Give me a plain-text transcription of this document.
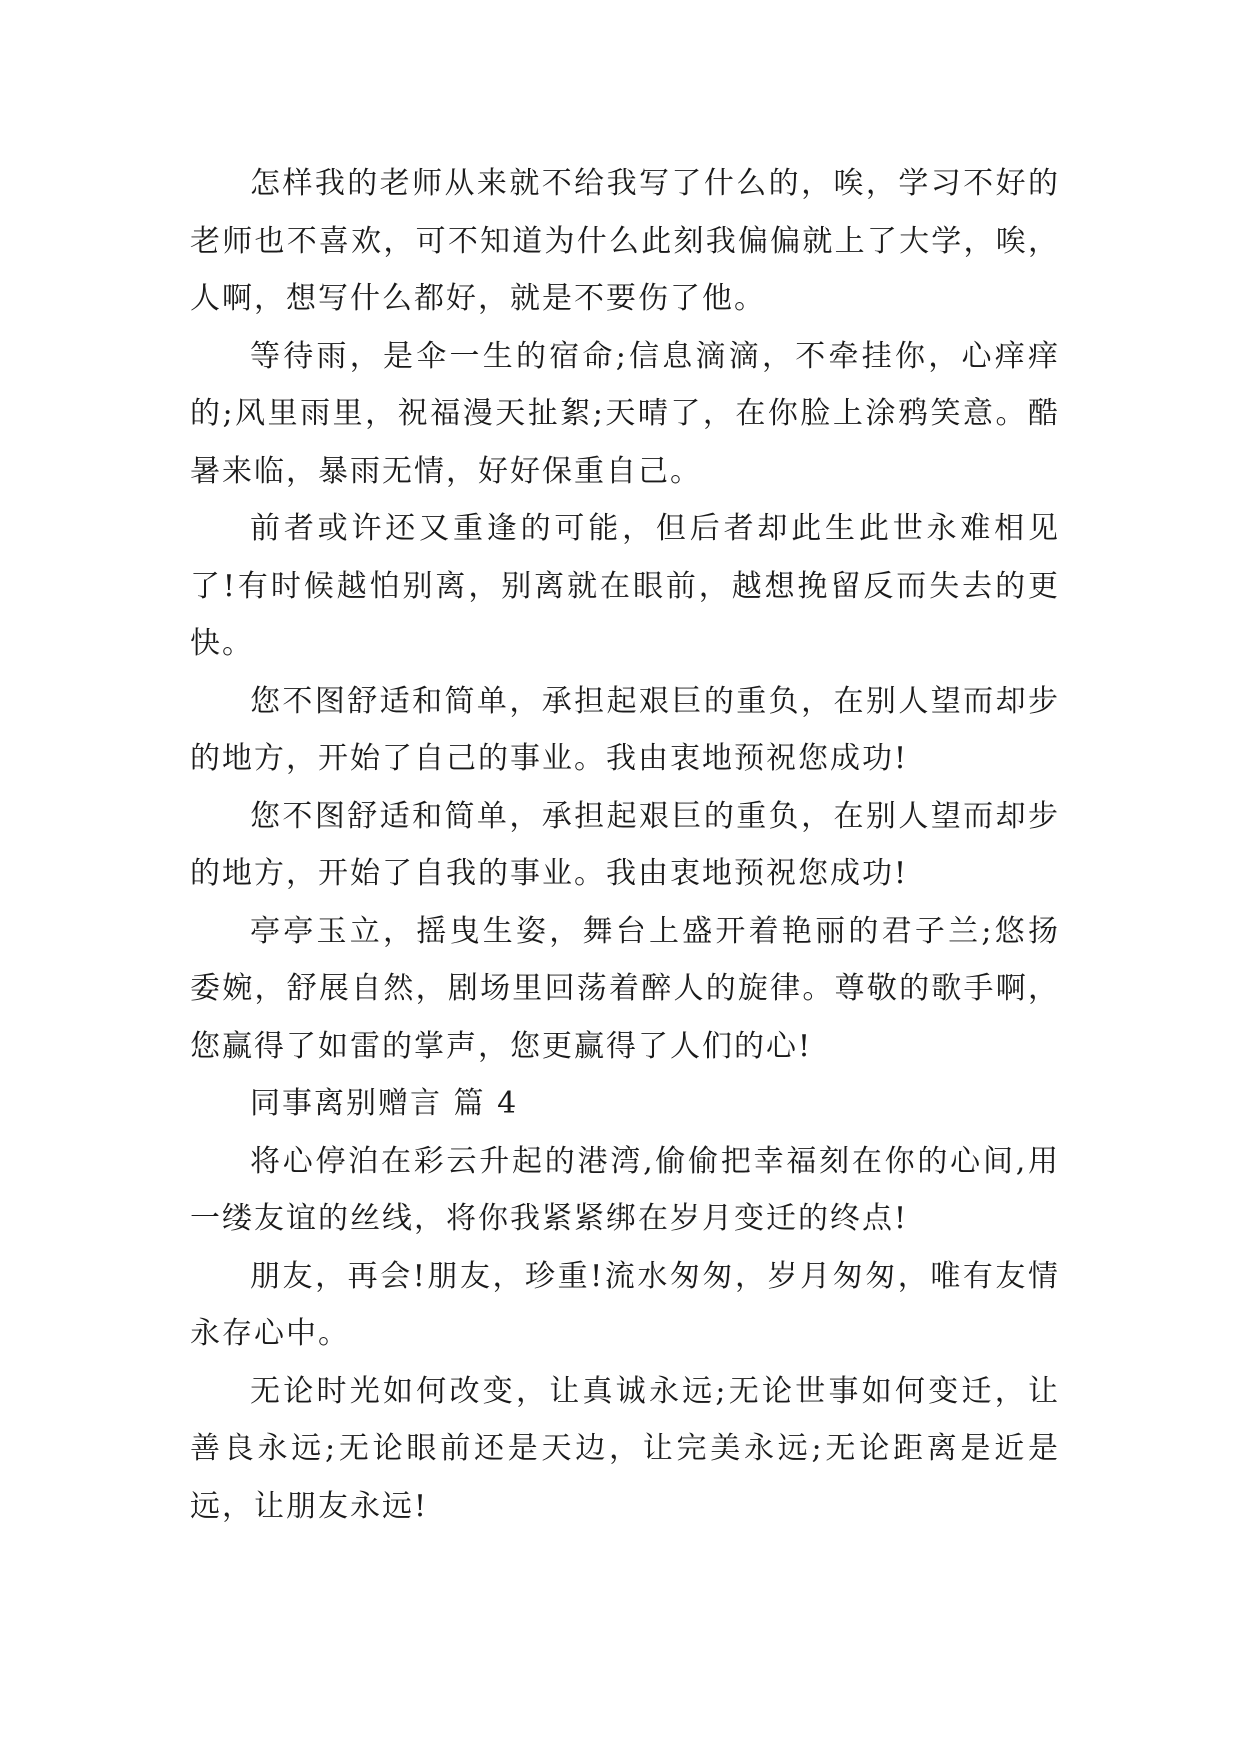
怎样我的老师从来就不给我写了什么的，唉，学习不好的老师也不喜欢，可不知道为什么此刻我偏偏就上了大学，唉，人啊，想写什么都好，就是不要伤了他。

等待雨，是伞一生的宿命;信息滴滴，不牵挂你，心痒痒的;风里雨里，祝福漫天扯絮;天晴了，在你脸上涂鸦笑意。酷暑来临，暴雨无情，好好保重自己。

前者或许还又重逢的可能，但后者却此生此世永难相见了!有时候越怕别离，别离就在眼前，越想挽留反而失去的更快。

您不图舒适和简单，承担起艰巨的重负，在别人望而却步的地方，开始了自己的事业。我由衷地预祝您成功!

您不图舒适和简单，承担起艰巨的重负，在别人望而却步的地方，开始了自我的事业。我由衷地预祝您成功!

亭亭玉立，摇曳生姿，舞台上盛开着艳丽的君子兰;悠扬委婉，舒展自然，剧场里回荡着醉人的旋律。尊敬的歌手啊，您赢得了如雷的掌声，您更赢得了人们的心!

同事离别赠言 篇 4

将心停泊在彩云升起的港湾,偷偷把幸福刻在你的心间,用一缕友谊的丝线，将你我紧紧绑在岁月变迁的终点!

朋友，再会!朋友，珍重!流水匆匆，岁月匆匆，唯有友情永存心中。

无论时光如何改变，让真诚永远;无论世事如何变迁，让善良永远;无论眼前还是天边，让完美永远;无论距离是近是远，让朋友永远!
